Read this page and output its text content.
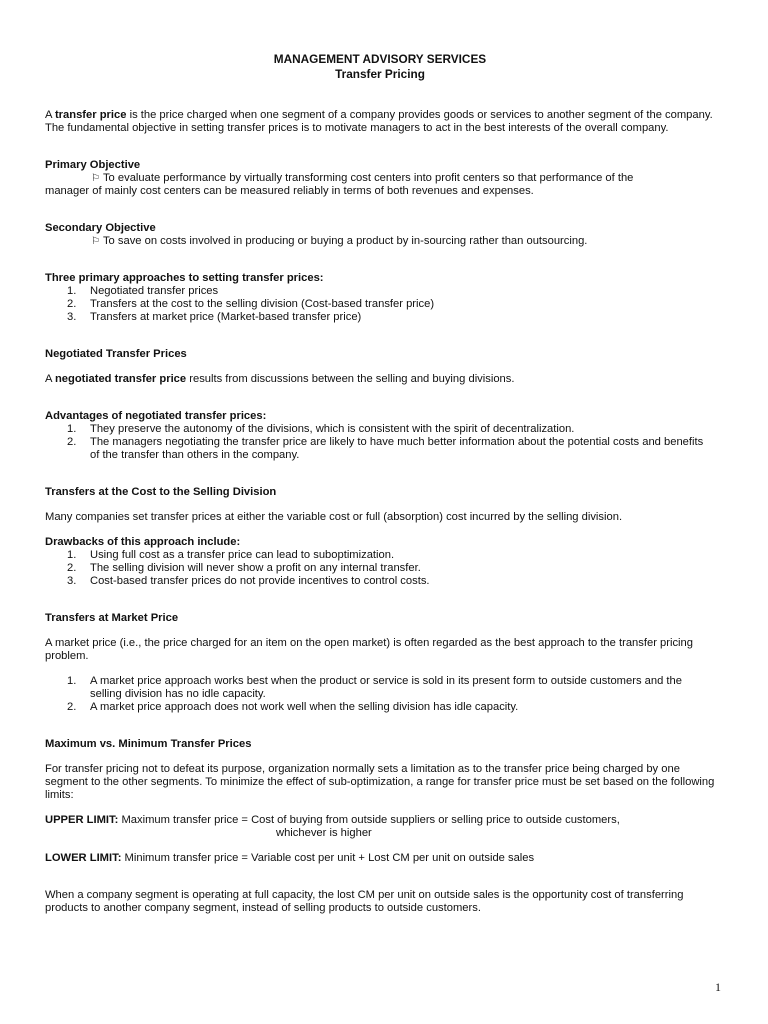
MANAGEMENT ADVISORY SERVICES
Transfer Pricing

A transfer price is the price charged when one segment of a company provides goods or services to another segment of the company. The fundamental objective in setting transfer prices is to motivate managers to act in the best interests of the overall company.

Primary Objective

⚐ To evaluate performance by virtually transforming cost centers into profit centers so that performance of the

manager of mainly cost centers can be measured reliably in terms of both revenues and expenses.

Secondary Objective

⚐ To save on costs involved in producing or buying a product by in-sourcing rather than outsourcing.

Three primary approaches to setting transfer prices:

1. Negotiated transfer prices
2. Transfers at the cost to the selling division (Cost-based transfer price)
3. Transfers at market price (Market-based transfer price)

Negotiated Transfer Prices

A negotiated transfer price results from discussions between the selling and buying divisions.

Advantages of negotiated transfer prices:

1. They preserve the autonomy of the divisions, which is consistent with the spirit of decentralization.
2. The managers negotiating the transfer price are likely to have much better information about the potential costs and benefits of the transfer than others in the company.

Transfers at the Cost to the Selling Division

Many companies set transfer prices at either the variable cost or full (absorption) cost incurred by the selling division.

Drawbacks of this approach include:

1. Using full cost as a transfer price can lead to suboptimization.
2. The selling division will never show a profit on any internal transfer.
3. Cost-based transfer prices do not provide incentives to control costs.

Transfers at Market Price

A market price (i.e., the price charged for an item on the open market) is often regarded as the best approach to the transfer pricing problem.

1. A market price approach works best when the product or service is sold in its present form to outside customers and the selling division has no idle capacity.
2. A market price approach does not work well when the selling division has idle capacity.

Maximum vs. Minimum Transfer Prices

For transfer pricing not to defeat its purpose, organization normally sets a limitation as to the transfer price being charged by one segment to the other segments. To minimize the effect of sub-optimization, a range for transfer price must be set based on the following limits:

UPPER LIMIT: Maximum transfer price = Cost of buying from outside suppliers or selling price to outside customers,

whichever is higher

LOWER LIMIT: Minimum transfer price = Variable cost per unit + Lost CM per unit on outside sales

When a company segment is operating at full capacity, the lost CM per unit on outside sales is the opportunity cost of transferring products to another company segment, instead of selling products to outside customers.

1
